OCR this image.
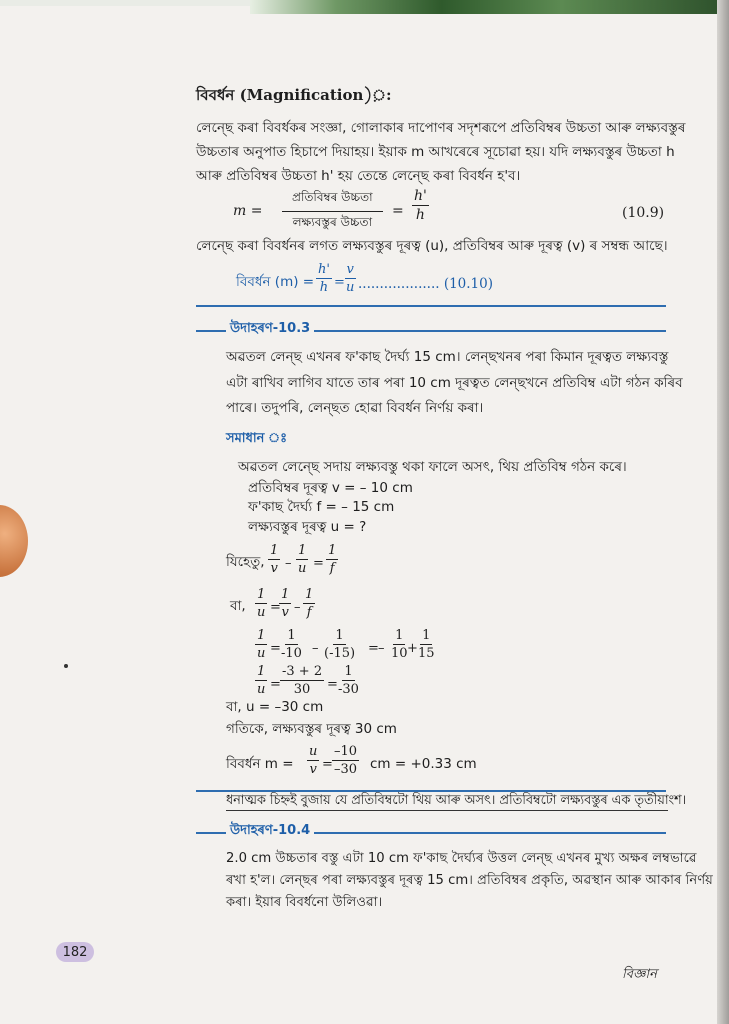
বিবৰ্ধন (Magnification)়:
লেন্ছে কৰা বিবৰ্ধকৰ সংজ্ঞা, গোলাকাৰ দাপোণৰ সদৃশৰূপে প্ৰতিবিম্বৰ উচ্চতা আৰু লক্ষ্যবস্তুৰ
উচ্চতাৰ অনুপাত হিচাপে দিয়াহয়। ইয়াক m আখৰেৰে সূচোৱা হয়। যদি লক্ষ্যবস্তুৰ উচ্চতা h
আৰু প্ৰতিবিম্বৰ উচ্চতা h' হয় তেন্তে লেন্ছে কৰা বিবৰ্ধন হ'ব।
m =
প্ৰতিবিম্বৰ উচ্চতা
লক্ষ্যবস্তুৰ উচ্চতা
= $\frac{h'}{h}$	(10.9)
লেন্ছে কৰা বিবৰ্ধনৰ লগত লক্ষ্যবস্তুৰ দূৰত্ব (u), প্ৰতিবিম্বৰ আৰু দূৰত্ব (v) ৰ সম্বন্ধ আছে।
বিবৰ্ধন $(m) = \frac{h'}{h} = \frac{v}{u}$ ................... (10.10)
উদাহৰণ-10.3
অৱতল লেন্ছ এখনৰ ফ'কাছ দৈৰ্ঘ্য 15 cm। লেন্ছখনৰ পৰা কিমান দূৰত্বত লক্ষ্যবস্তু
এটা ৰাখিব লাগিব যাতে তাৰ পৰা 10 cm দূৰত্বত লেন্ছখনে প্ৰতিবিম্ব এটা গঠন কৰিব
পাৰে। তদুপৰি, লেন্ছত হোৱা বিবৰ্ধন নিৰ্ণয় কৰা।
সমাধান ঃ
অৱতল লেন্ছে সদায় লক্ষ্যবস্তু থকা ফালে অসৎ, থিয় প্ৰতিবিম্ব গঠন কৰে।
প্ৰতিবিম্বৰ দূৰত্ব v = – 10 cm
ফ'কাছ দৈৰ্ঘ্য f = – 15 cm
লক্ষ্যবস্তুৰ দূৰত্ব u = ?
যিহেতু, $\frac{1}{v} - \frac{1}{u} = \frac{1}{f}$
বা, $\frac{1}{u}$ =
$\frac{1}{v} - \frac{1}{f}$
$\frac{1}{u}$ =
$\frac{1}{-10} - \frac{1}{(-15)}$ = – $\frac{1}{10}$
+
$\frac{1}{15}$
$\frac{1}{u} = \frac{-3 + 2}{30}$ =
$\frac{1}{-30}$
বা, u = –30 cm
গতিকে, লক্ষ্যবস্তুৰ দূৰত্ব 30 cm
বিবৰ্ধন $m = \frac{u}{v} = \frac{-10}{-30}$ cm = +0.33 cm
ধনাত্মক চিহ্নই বুজায় যে প্ৰতিবিম্বটো থিয় আৰু অসৎ। প্ৰতিবিম্বটো লক্ষ্যবস্তুৰ এক তৃতীয়াংশ।
উদাহৰণ-10.4
2.0 cm উচ্চতাৰ বস্তু এটা 10 cm ফ'কাছ দৈৰ্ঘ্যৰ উত্তল লেন্ছ এখনৰ মুখ্য অক্ষৰ লম্বভাৱে
ৰখা হ'ল। লেন্ছৰ পৰা লক্ষ্যবস্তুৰ দূৰত্ব 15 cm। প্ৰতিবিম্বৰ প্ৰকৃতি, অৱস্থান আৰু আকাৰ নিৰ্ণয়
কৰা। ইয়াৰ বিবৰ্ধনো উলিওৱা।
182
বিজ্ঞান
